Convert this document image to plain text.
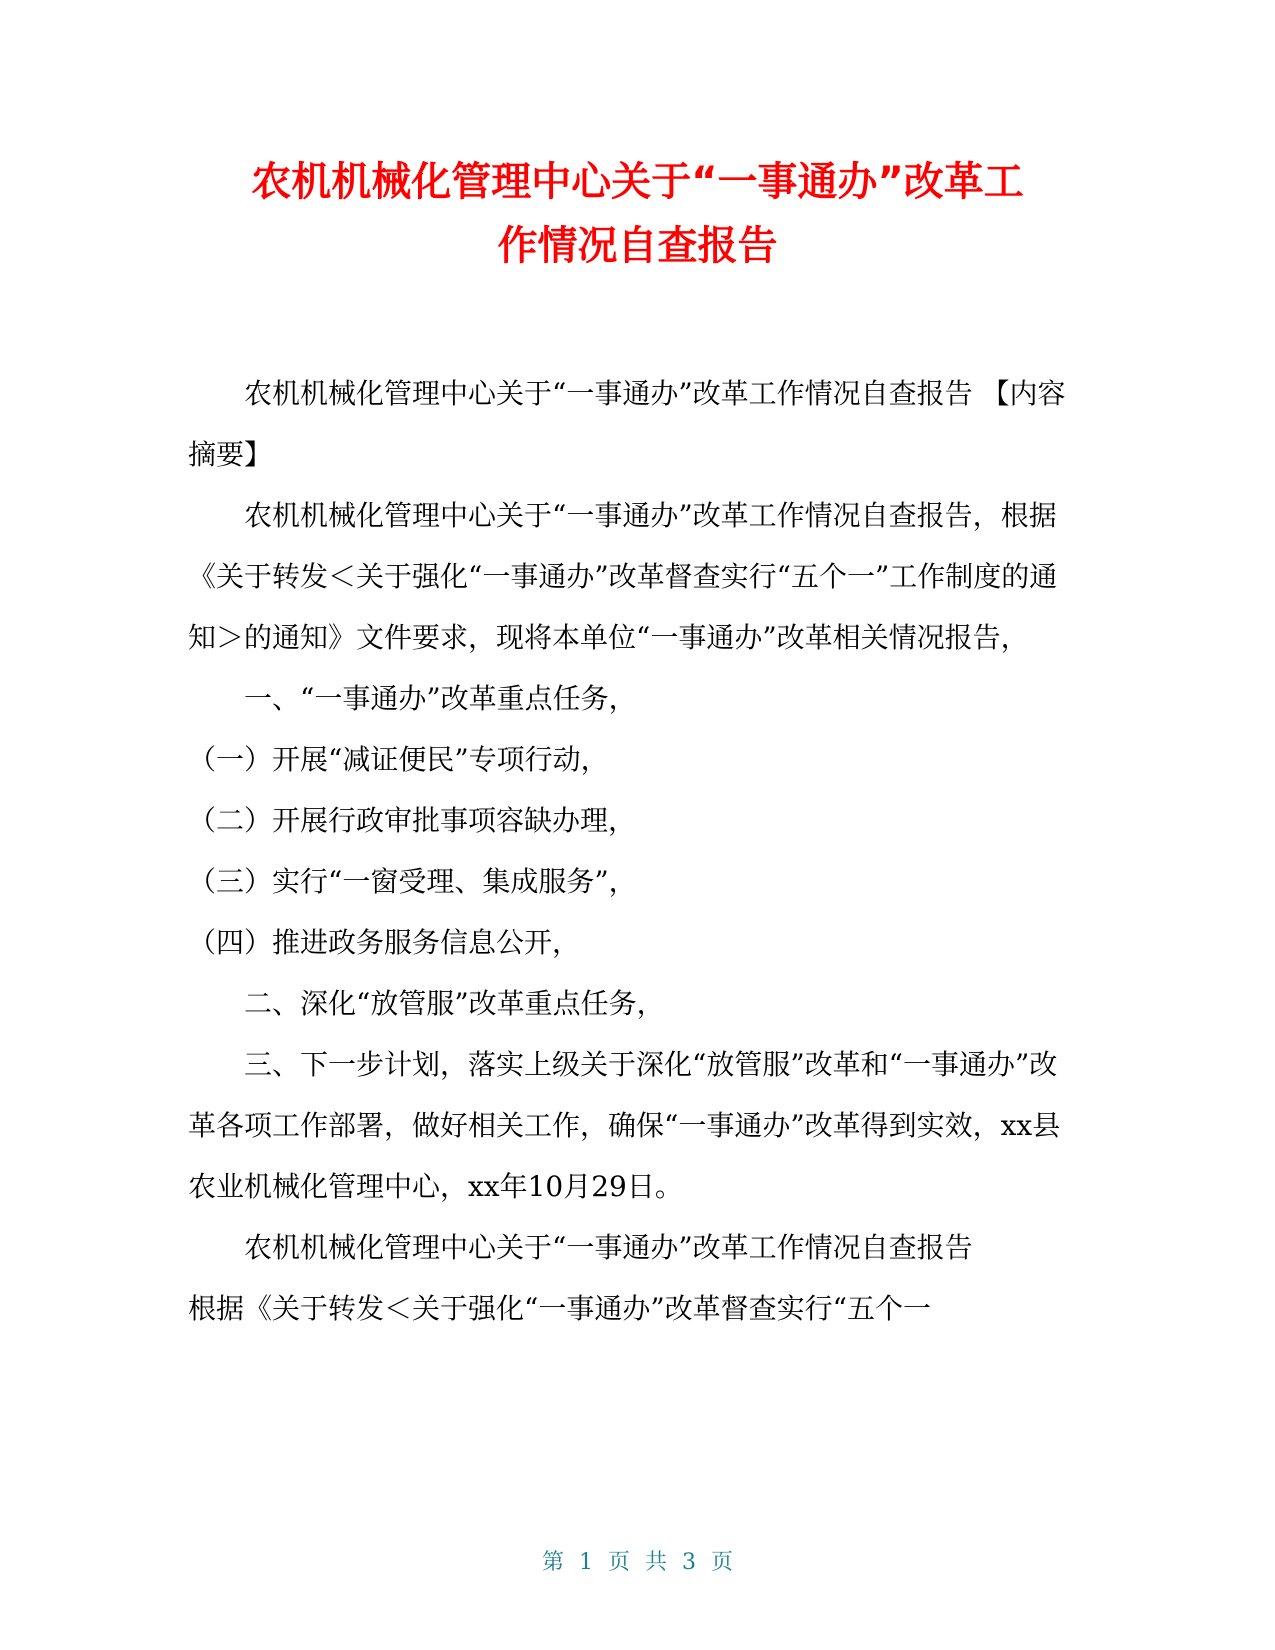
农机机械化管理中心关于“一事通办”改革工
作情况自查报告

农机机械化管理中心关于“一事通办”改革工作情况自查报告 【内容摘要】

农机机械化管理中心关于“一事通办”改革工作情况自查报告，根据《关于转发＜关于强化“一事通办”改革督查实行“五个一”工作制度的通知＞的通知》文件要求，现将本单位“一事通办”改革相关情况报告，

一、“一事通办”改革重点任务，

（一）开展“减证便民”专项行动，

（二）开展行政审批事项容缺办理，

（三）实行“一窗受理、集成服务”，

（四）推进政务服务信息公开，

二、深化“放管服”改革重点任务，

三、下一步计划，落实上级关于深化“放管服”改革和“一事通办”改革各项工作部署，做好相关工作，确保“一事通办”改革得到实效，xx县农业机械化管理中心，xx年10月29日。

农机机械化管理中心关于“一事通办”改革工作情况自查报告

根据《关于转发＜关于强化“一事通办”改革督查实行“五个一

第 1 页 共 3 页
